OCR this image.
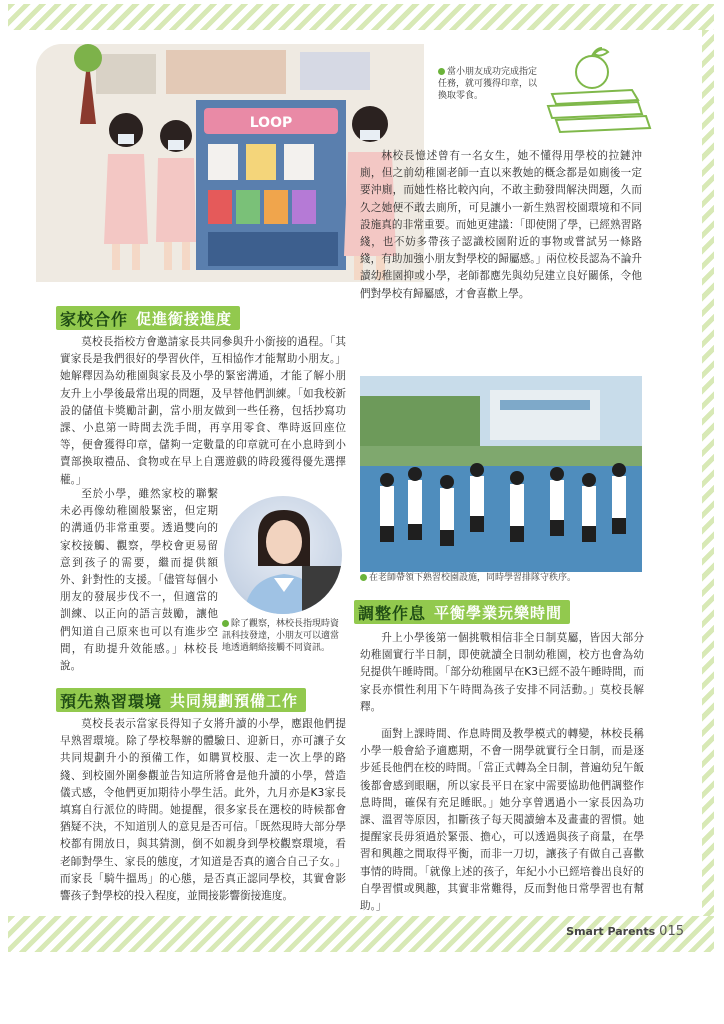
LOOP
當小朋友成功完成指定任務，就可獲得印章，以換取零食。

林校長憶述曾有一名女生，她不懂得用學校的拉鏈沖廁，但之前幼稚園老師一直以來教她的概念都是如廁後一定要沖廁，而她性格比較內向，不敢主動發問解決問題，久而久之她便不敢去廁所，可見讓小一新生熟習校園環境和不同設施真的非常重要。而她更建議：「即使開了學，已經熟習路綫，也不妨多帶孩子認識校園附近的事物或嘗試另一條路綫，有助加強小朋友對學校的歸屬感。」兩位校長認為不論升讀幼稚園抑或小學，老師都應先與幼兒建立良好關係，令他們對學校有歸屬感，才會喜歡上學。

家校合作 促進銜接進度

莫校長指校方會邀請家長共同參與升小銜接的過程。「其實家長是我們很好的學習伙伴，互相協作才能幫助小朋友。」她解釋因為幼稚園與家長及小學的緊密溝通，才能了解小朋友升上小學後最常出現的問題，及早替他們訓練。「如我校新設的儲值卡獎勵計劃，當小朋友做到一些任務，包括抄寫功課、小息第一時間去洗手間，再享用零食、準時返回座位等，便會獲得印章，儲夠一定數量的印章就可在小息時到小賣部換取禮品、食物或在早上自選遊戲的時段獲得優先選擇權。」

至於小學，雖然家校的聯繫未必再像幼稚園般緊密，但定期的溝通仍非常重要。透過雙向的家校接觸、觀察，學校會更易留意到孩子的需要，繼而提供額外、針對性的支援。「儘管每個小朋友的發展步伐不一，但適當的訓練、以正向的語言鼓勵，讓他們知道自己原來也可以有進步空間，有助提升效能感。」林校長說。

除了觀察，林校長指現時資訊科技發達，小朋友可以適當地透過網絡接觸不同資訊。
預先熟習環境 共同規劃預備工作

莫校長表示當家長得知子女將升讀的小學，應跟他們提早熟習環境。除了學校舉辦的體驗日、迎新日，亦可讓子女共同規劃升小的預備工作，如購買校服、走一次上學的路綫、到校園外圍參觀並告知這所將會是他升讀的小學，營造儀式感，令他們更加期待小學生活。此外，九月亦是K3家長填寫自行派位的時間。她提醒，很多家長在選校的時候都會猶疑不決，不知道別人的意見是否可信。「既然現時大部分學校都有開放日，與其猜測，倒不如親身到學校觀察環境，看老師對學生、家長的態度，才知道是否真的適合自己子女。」而家長「騎牛搵馬」的心態，是否真正認同學校，其實會影響孩子對學校的投入程度，並間接影響銜接進度。

在老師帶領下熟習校園設施，同時學習排隊守秩序。
調整作息 平衡學業玩樂時間

升上小學後第一個挑戰相信非全日制莫屬，皆因大部分幼稚園實行半日制，即使就讀全日制幼稚園，校方也會為幼兒提供午睡時間。「部分幼稚園早在K3已經不設午睡時間，而家長亦慣性利用下午時間為孩子安排不同活動。」莫校長解釋。

面對上課時間、作息時間及教學模式的轉變，林校長稱小學一般會給予適應期，不會一開學就實行全日制，而是逐步延長他們在校的時間。「當正式轉為全日制，普遍幼兒午飯後都會感到眼睏，所以家長平日在家中需要協助他們調整作息時間，確保有充足睡眠。」她分享曾遇過小一家長因為功課、溫習等原因，扣斷孩子每天閱讀繪本及畫畫的習慣。她提醒家長毋須過於緊張、擔心，可以透過與孩子商量，在學習和興趣之間取得平衡，而非一刀切，讓孩子有做自己喜歡事情的時間。「就像上述的孩子，年紀小小已經培養出良好的自學習慣或興趣，其實非常難得，反而對他日常學習也有幫助。」

Smart Parents 015
